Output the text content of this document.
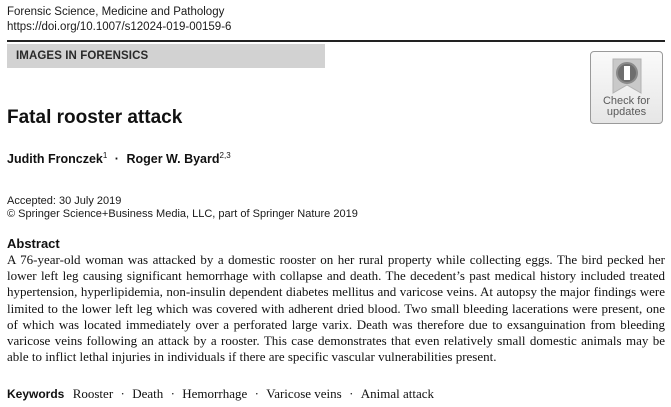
Forensic Science, Medicine and Pathology
https://doi.org/10.1007/s12024-019-00159-6
IMAGES IN FORENSICS
Check for
updates
Fatal rooster attack
Judith Fronczek$^1$ · Roger W. Byard$^{2,3}$
Accepted: 30 July 2019
© Springer Science+Business Media, LLC, part of Springer Nature 2019
Abstract

A 76-year-old woman was attacked by a domestic rooster on her rural property while collecting eggs. The bird pecked her lower left leg causing significant hemorrhage with collapse and death. The decedent’s past medical history included treated hypertension, hyperlipidemia, non-insulin dependent diabetes mellitus and varicose veins. At autopsy the major findings were limited to the lower left leg which was covered with adherent dried blood. Two small bleeding lacerations were present, one of which was located immediately over a perforated large varix. Death was therefore due to exsanguination from bleeding varicose veins following an attack by a rooster. This case demonstrates that even relatively small domestic animals may be able to inflict lethal injuries in individuals if there are specific vascular vulnerabilities present.

Keywords Rooster · Death · Hemorrhage · Varicose veins · Animal attack
